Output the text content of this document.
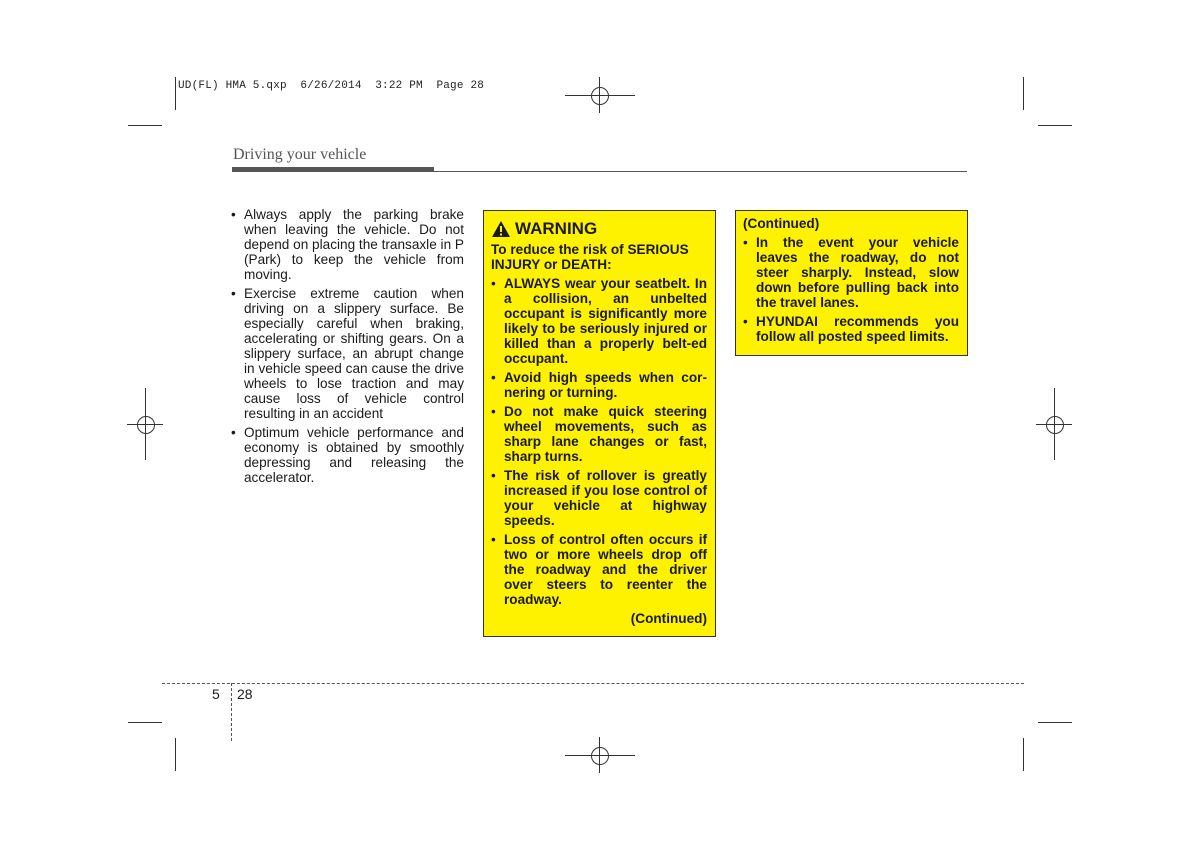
UD(FL) HMA 5.qxp  6/26/2014  3:22 PM  Page 28
Driving your vehicle
• Always apply the parking brake when leaving the vehicle. Do not depend on placing the transaxle in P (Park) to keep the vehicle from moving.
• Exercise extreme caution when driving on a slippery surface. Be especially careful when braking, accelerating or shifting gears. On a slippery surface, an abrupt change in vehicle speed can cause the drive wheels to lose traction and may cause loss of vehicle control resulting in an accident
• Optimum vehicle performance and economy is obtained by smoothly depressing and releasing the accelerator.
WARNING
To reduce the risk of SERIOUS INJURY or DEATH:
• ALWAYS wear your seatbelt. In a collision, an unbelted occupant is significantly more likely to be seriously injured or killed than a properly belt-ed occupant.
• Avoid high speeds when cor-nering or turning.
• Do not make quick steering wheel movements, such as sharp lane changes or fast, sharp turns.
• The risk of rollover is greatly increased if you lose control of your vehicle at highway speeds.
• Loss of control often occurs if two or more wheels drop off the roadway and the driver over steers to reenter the roadway.
(Continued)
(Continued)
• In the event your vehicle leaves the roadway, do not steer sharply. Instead, slow down before pulling back into the travel lanes.
• HYUNDAI recommends you follow all posted speed limits.
5 28
